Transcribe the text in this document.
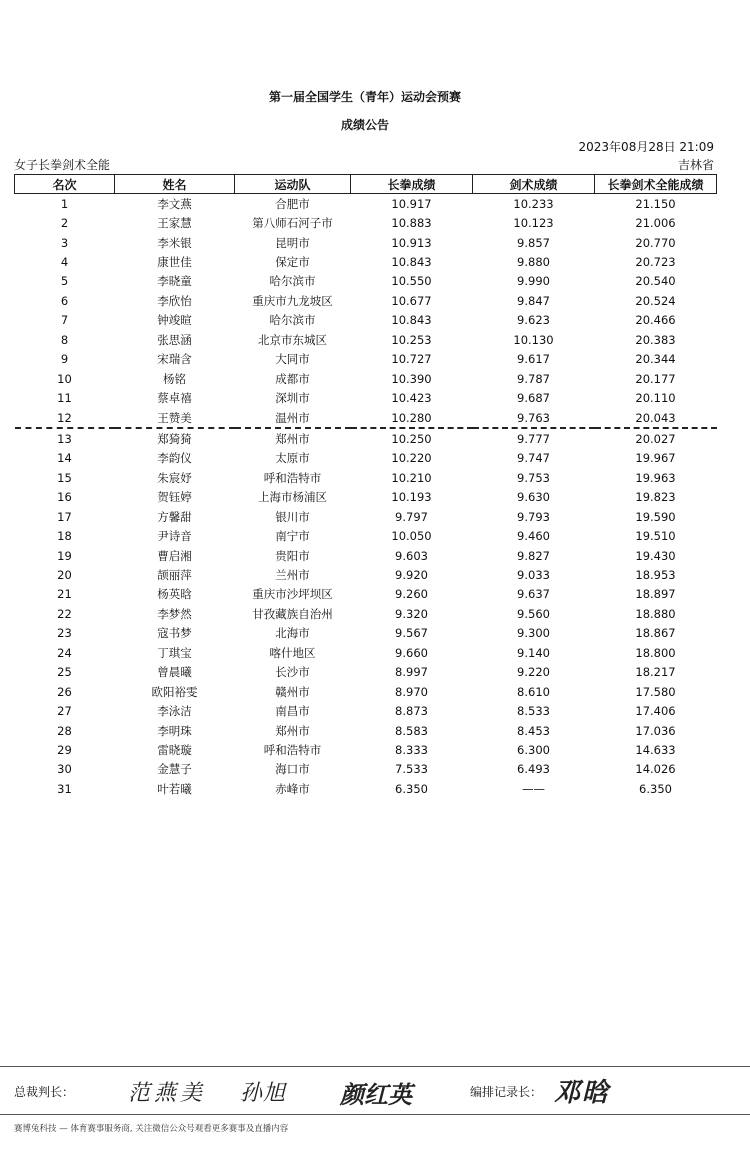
第一届全国学生（青年）运动会预赛
成绩公告
2023年08月28日 21:09
女子长拳剑术全能	吉林省
名次	姓名	运动队	长拳成绩	剑术成绩	长拳剑术全能成绩
1	李文燕	合肥市	10.917	10.233	21.150
2	王家慧	第八师石河子市	10.883	10.123	21.006
3	李米银	昆明市	10.913	9.857	20.770
4	康世佳	保定市	10.843	9.880	20.723
5	李晓童	哈尔滨市	10.550	9.990	20.540
6	李欣怡	重庆市九龙坡区	10.677	9.847	20.524
7	钟竣暄	哈尔滨市	10.843	9.623	20.466
8	张思涵	北京市东城区	10.253	10.130	20.383
9	宋瑞含	大同市	10.727	9.617	20.344
10	杨铭	成都市	10.390	9.787	20.177
11	蔡卓禧	深圳市	10.423	9.687	20.110
12	王赞美	温州市	10.280	9.763	20.043
13	郑猗猗	郑州市	10.250	9.777	20.027
14	李韵仪	太原市	10.220	9.747	19.967
15	朱宸妤	呼和浩特市	10.210	9.753	19.963
16	贺钰婷	上海市杨浦区	10.193	9.630	19.823
17	方馨甜	银川市	9.797	9.793	19.590
18	尹诗音	南宁市	10.050	9.460	19.510
19	曹启湘	贵阳市	9.603	9.827	19.430
20	颉丽萍	兰州市	9.920	9.033	18.953
21	杨英晗	重庆市沙坪坝区	9.260	9.637	18.897
22	李梦然	甘孜藏族自治州	9.320	9.560	18.880
23	寇书梦	北海市	9.567	9.300	18.867
24	丁琪宝	喀什地区	9.660	9.140	18.800
25	曾晨曦	长沙市	8.997	9.220	18.217
26	欧阳裕雯	赣州市	8.970	8.610	17.580
27	李泳洁	南昌市	8.873	8.533	17.406
28	李明珠	郑州市	8.583	8.453	17.036
29	雷晓璇	呼和浩特市	8.333	6.300	14.633
30	金慧子	海口市	7.533	6.493	14.026
31	叶若曦	赤峰市	6.350	——	6.350
总裁判长： 范燕美 孙旭 颜红英	编排记录长： 邓晗
赛博兔科技 — 体育赛事服务商, 关注微信公众号观看更多赛事及直播内容
